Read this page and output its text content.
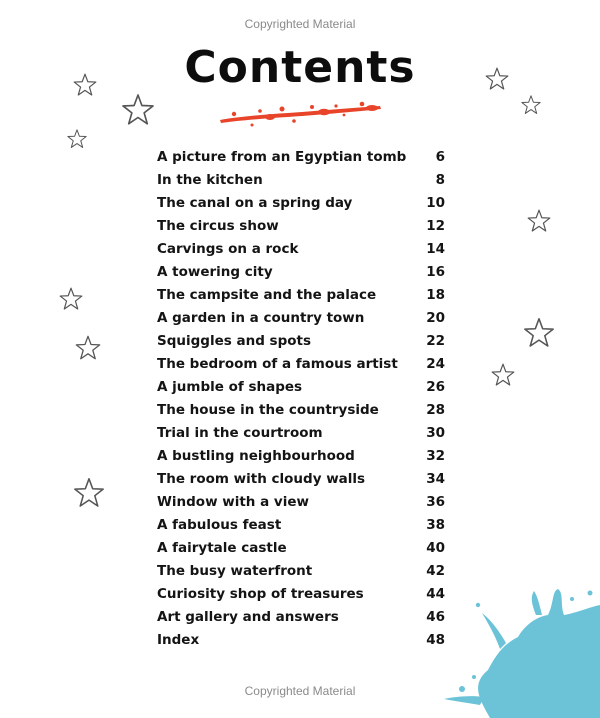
Copyrighted Material
Contents
A picture from an Egyptian tomb	6
In the kitchen	8
The canal on a spring day	10
The circus show	12
Carvings on a rock	14
A towering city	16
The campsite and the palace	18
A garden in a country town	20
Squiggles and spots	22
The bedroom of a famous artist	24
A jumble of shapes	26
The house in the countryside	28
Trial in the courtroom	30
A bustling neighbourhood	32
The room with cloudy walls	34
Window with a view	36
A fabulous feast	38
A fairytale castle	40
The busy waterfront	42
Curiosity shop of treasures	44
Art gallery and answers	46
Index	48
Copyrighted Material
